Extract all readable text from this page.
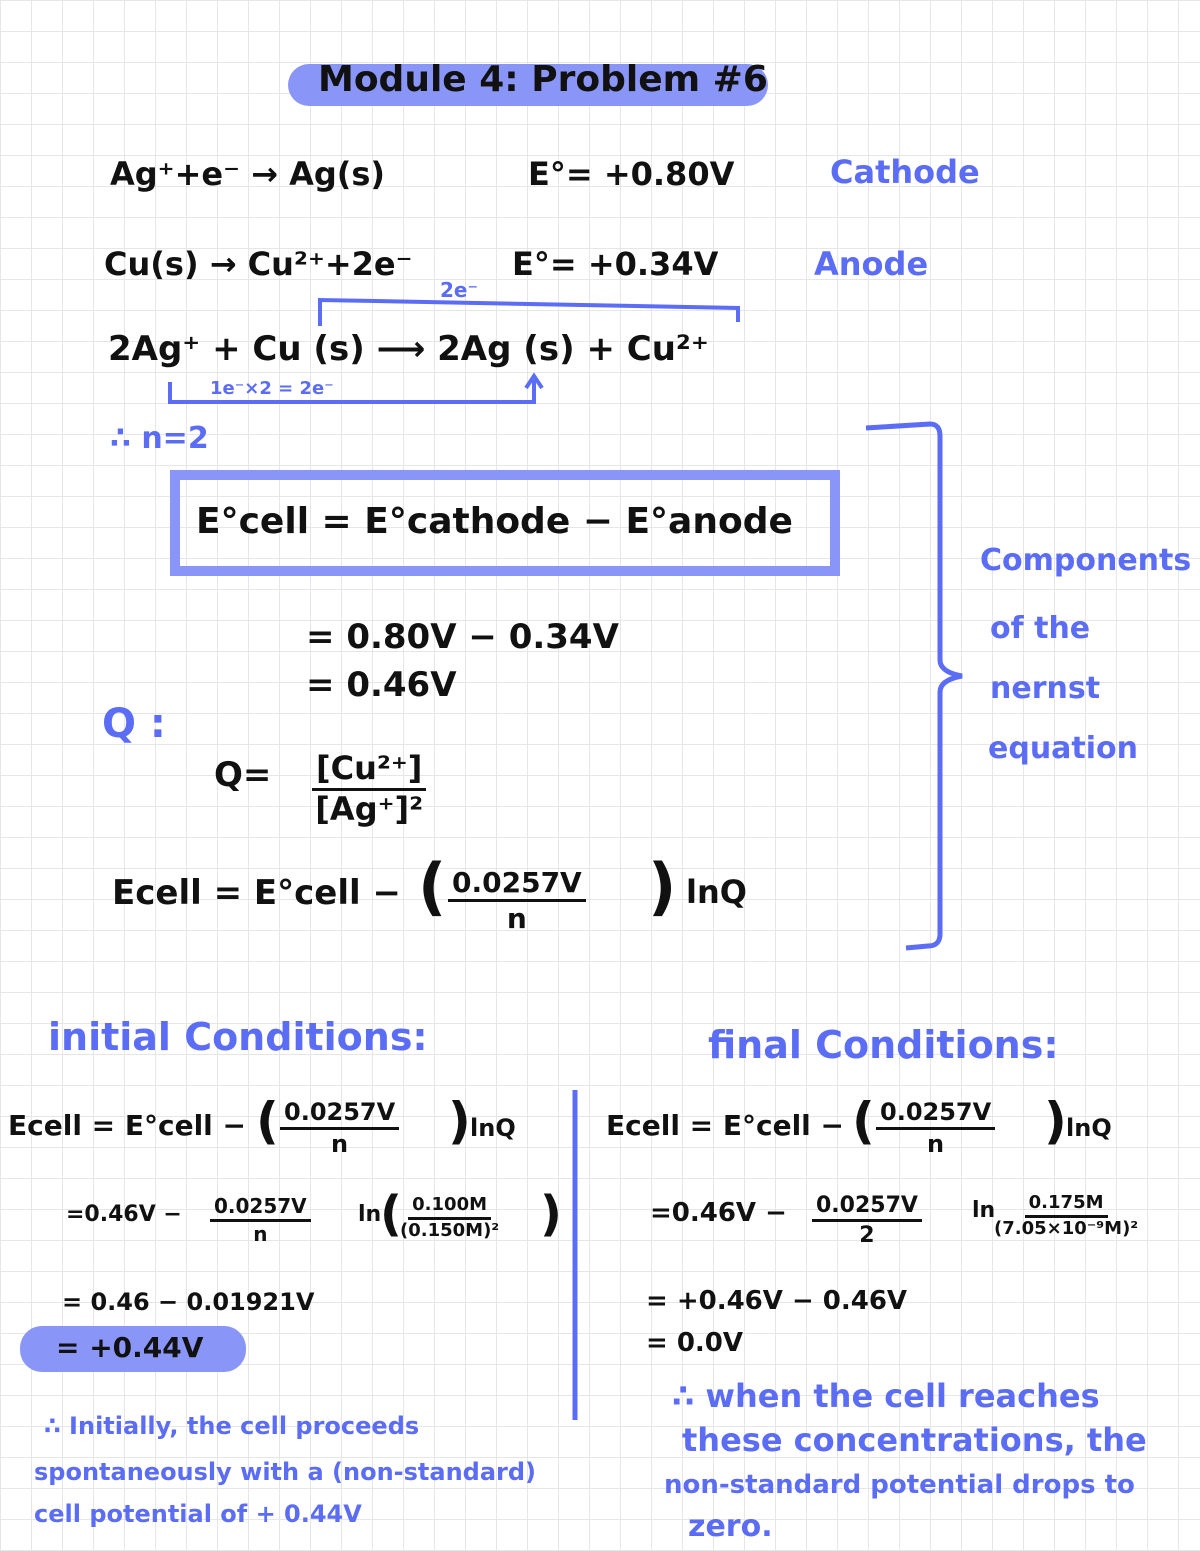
Module 4: Problem #6
Ag⁺+e⁻ → Ag(s)	E°= +0.80V	Cathode
Cu(s) → Cu²⁺+2e⁻	E°= +0.34V	Anode
2e⁻
2Ag⁺ + Cu (s) ⟶ 2Ag (s) + Cu²⁺
1e⁻×2 = 2e⁻
∴ n=2
E°cell = E°cathode − E°anode
= 0.80V − 0.34V
= 0.46V
Q :
$Q= \frac{\text{[Cu²⁺]}}{\text{[Ag⁺]²}}$
Ecell = E°cell − ( $\frac{0.0257V}{n}$ ) lnQ
Components
of the
nernst
equation
initial Conditions:
Ecell = E°cell − ( $\frac{0.0257V}{n}$ ) lnQ
$=0.46V - \frac{0.0257V}{n}$ ln
(
$\frac{0.100M}{\text{(0.150M)²}}$ )
= 0.46 − 0.01921V
= +0.44V
∴ Initially, the cell proceeds
spontaneously with a (non-standard)
cell potential of + 0.44V
final Conditions:
Ecell = E°cell − ( $\frac{0.0257V}{n}$ ) lnQ
$=0.46V - \frac{0.0257V}{2}$ ln
$\frac{0.175M}{\text{(7.05×10⁻⁹M)²}}$
= +0.46V − 0.46V
= 0.0V
∴ when the cell reaches
these concentrations, the
non-standard potential drops to
zero.
